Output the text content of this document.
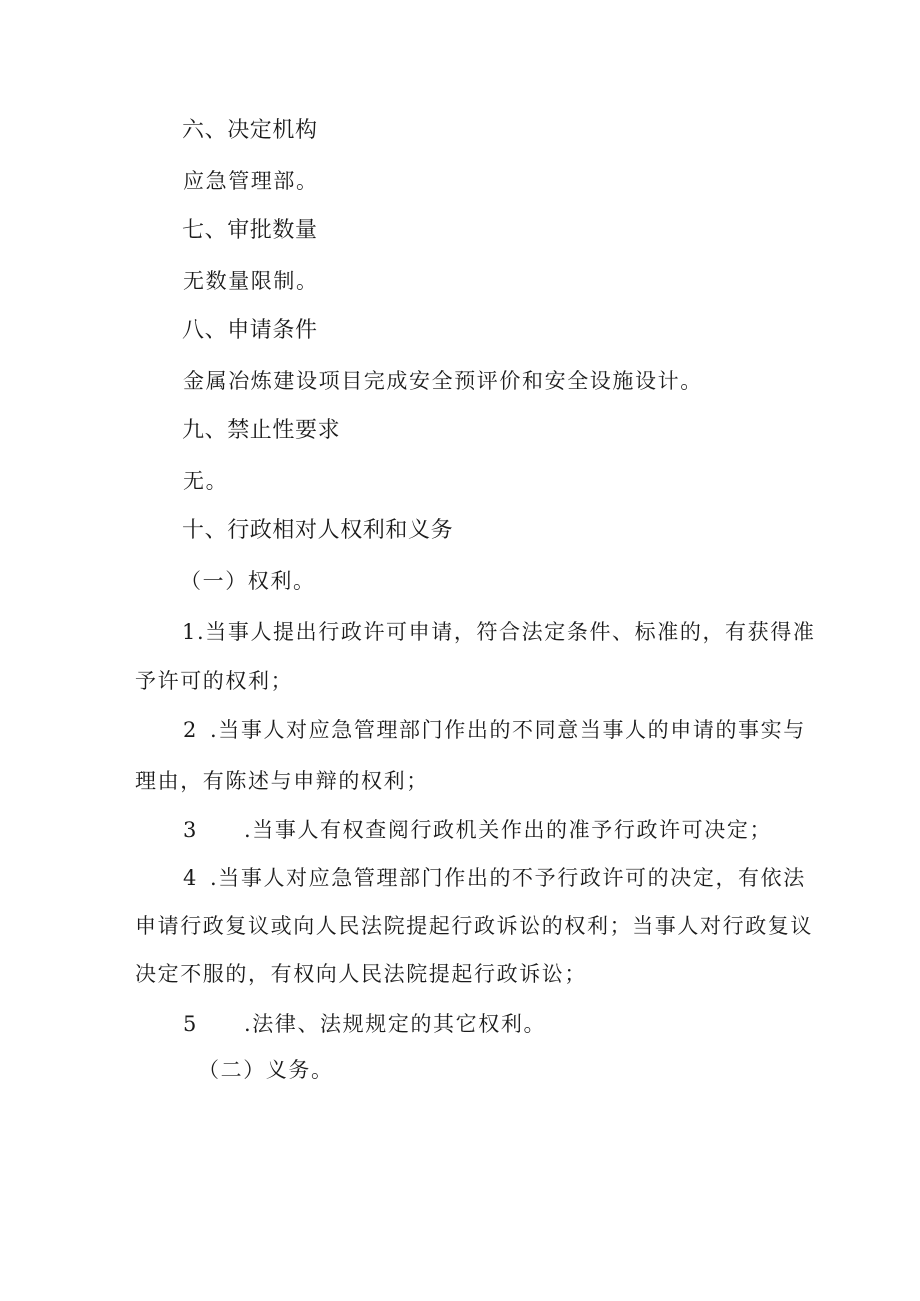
六、决定机构
应急管理部。
七、审批数量
无数量限制。
八、申请条件
金属冶炼建设项目完成安全预评价和安全设施设计。
九、禁止性要求
无。
十、行政相对人权利和义务
（一）权利。
1.当事人提出行政许可申请，符合法定条件、标准的，有获得准
予许可的权利；
2 .当事人对应急管理部门作出的不同意当事人的申请的事实与
理由，有陈述与申辩的权利；
3 .当事人有权查阅行政机关作出的准予行政许可决定；
4 .当事人对应急管理部门作出的不予行政许可的决定，有依法
申请行政复议或向人民法院提起行政诉讼的权利；当事人对行政复议
决定不服的，有权向人民法院提起行政诉讼；
5 .法律、法规规定的其它权利。
（二）义务。
